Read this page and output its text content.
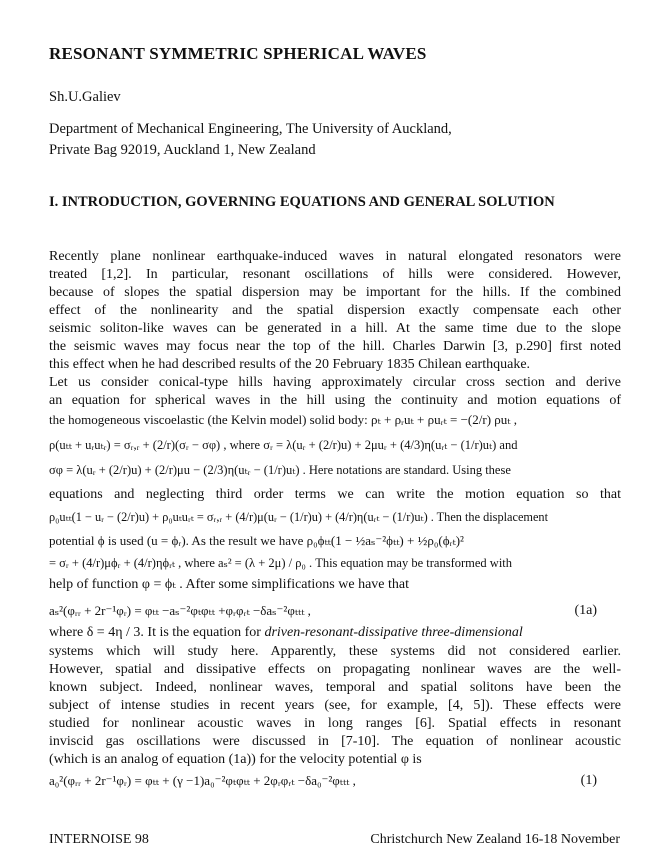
RESONANT SYMMETRIC SPHERICAL WAVES
Sh.U.Galiev
Department of Mechanical Engineering, The University of Auckland,
Private Bag 92019, Auckland 1, New Zealand
I. INTRODUCTION, GOVERNING EQUATIONS AND GENERAL SOLUTION
Recently plane nonlinear earthquake-induced waves in natural elongated resonators were
treated [1,2]. In particular, resonant oscillations of hills were considered. However,
because of slopes the spatial dispersion may be important for the hills. If the combined
effect of the nonlinearity and the spatial dispersion exactly compensate each other
seismic soliton-like waves can be generated in a hill. At the same time due to the slope
the seismic waves may focus near the top of the hill. Charles Darwin [3, p.290] first noted
this effect when he had described results of the 20 February 1835 Chilean earthquake.
Let us consider conical-type hills having approximately circular cross section and derive
an equation for spherical waves in the hill using the continuity and motion equations of
the homogeneous viscoelastic (the Kelvin model) solid body: ρₜ + ρᵣuₜ + ρuᵣₜ = −(2/r) ρuₜ ,
ρ(uₜₜ + uᵣuₜᵣ) = σᵣ,ᵣ + (2/r)(σᵣ − σφ) , where σᵣ = λ(uᵣ + (2/r)u) + 2μuᵣ + (4/3)η(uᵣₜ − (1/r)uₜ) and
σφ = λ(uᵣ + (2/r)u) + (2/r)μu − (2/3)η(uₜᵣ − (1/r)uₜ) . Here notations are standard. Using these
equations and neglecting third order terms we can write the motion equation so that
ρ₀uₜₜ(1 − uᵣ − (2/r)u) + ρ₀uₜuᵣₜ = σᵣ,ᵣ + (4/r)μ(uᵣ − (1/r)u) + (4/r)η(uᵣₜ − (1/r)uₜ) . Then the displacement
potential ϕ is used (u = ϕᵣ). As the result we have ρ₀ϕₜₜ(1 − ½aₛ⁻²ϕₜₜ) + ½ρ₀(ϕᵣₜ)²
= σᵣ + (4/r)μϕᵣ + (4/r)ηϕᵣₜ , where aₛ² = (λ + 2μ) / ρ₀ . This equation may be transformed with
help of function φ = ϕₜ . After some simplifications we have that
aₛ²(φᵣᵣ + 2r⁻¹φᵣ) = φₜₜ −aₛ⁻²φₜφₜₜ +φᵣφᵣₜ −δaₛ⁻²φₜₜₜ ,	(1a)
where δ = 4η / 3. It is the equation for driven-resonant-dissipative three-dimensional
systems which will study here. Apparently, these systems did not considered earlier.
However, spatial and dissipative effects on propagating nonlinear waves are the well-
known subject. Indeed, nonlinear waves, temporal and spatial solitons have been the
subject of intense studies in recent years (see, for example, [4, 5]). These effects were
studied for nonlinear acoustic waves in long ranges [6]. Spatial effects in resonant
inviscid gas oscillations were discussed in [7-10]. The equation of nonlinear acoustic
(which is an analog of equation (1a)) for the velocity potential φ is
a₀²(φᵣᵣ + 2r⁻¹φᵣ) = φₜₜ + (γ −1)a₀⁻²φₜφₜₜ + 2φᵣφᵣₜ −δa₀⁻²φₜₜₜ ,	(1)
INTERNOISE 98	Christchurch New Zealand 16-18 November
